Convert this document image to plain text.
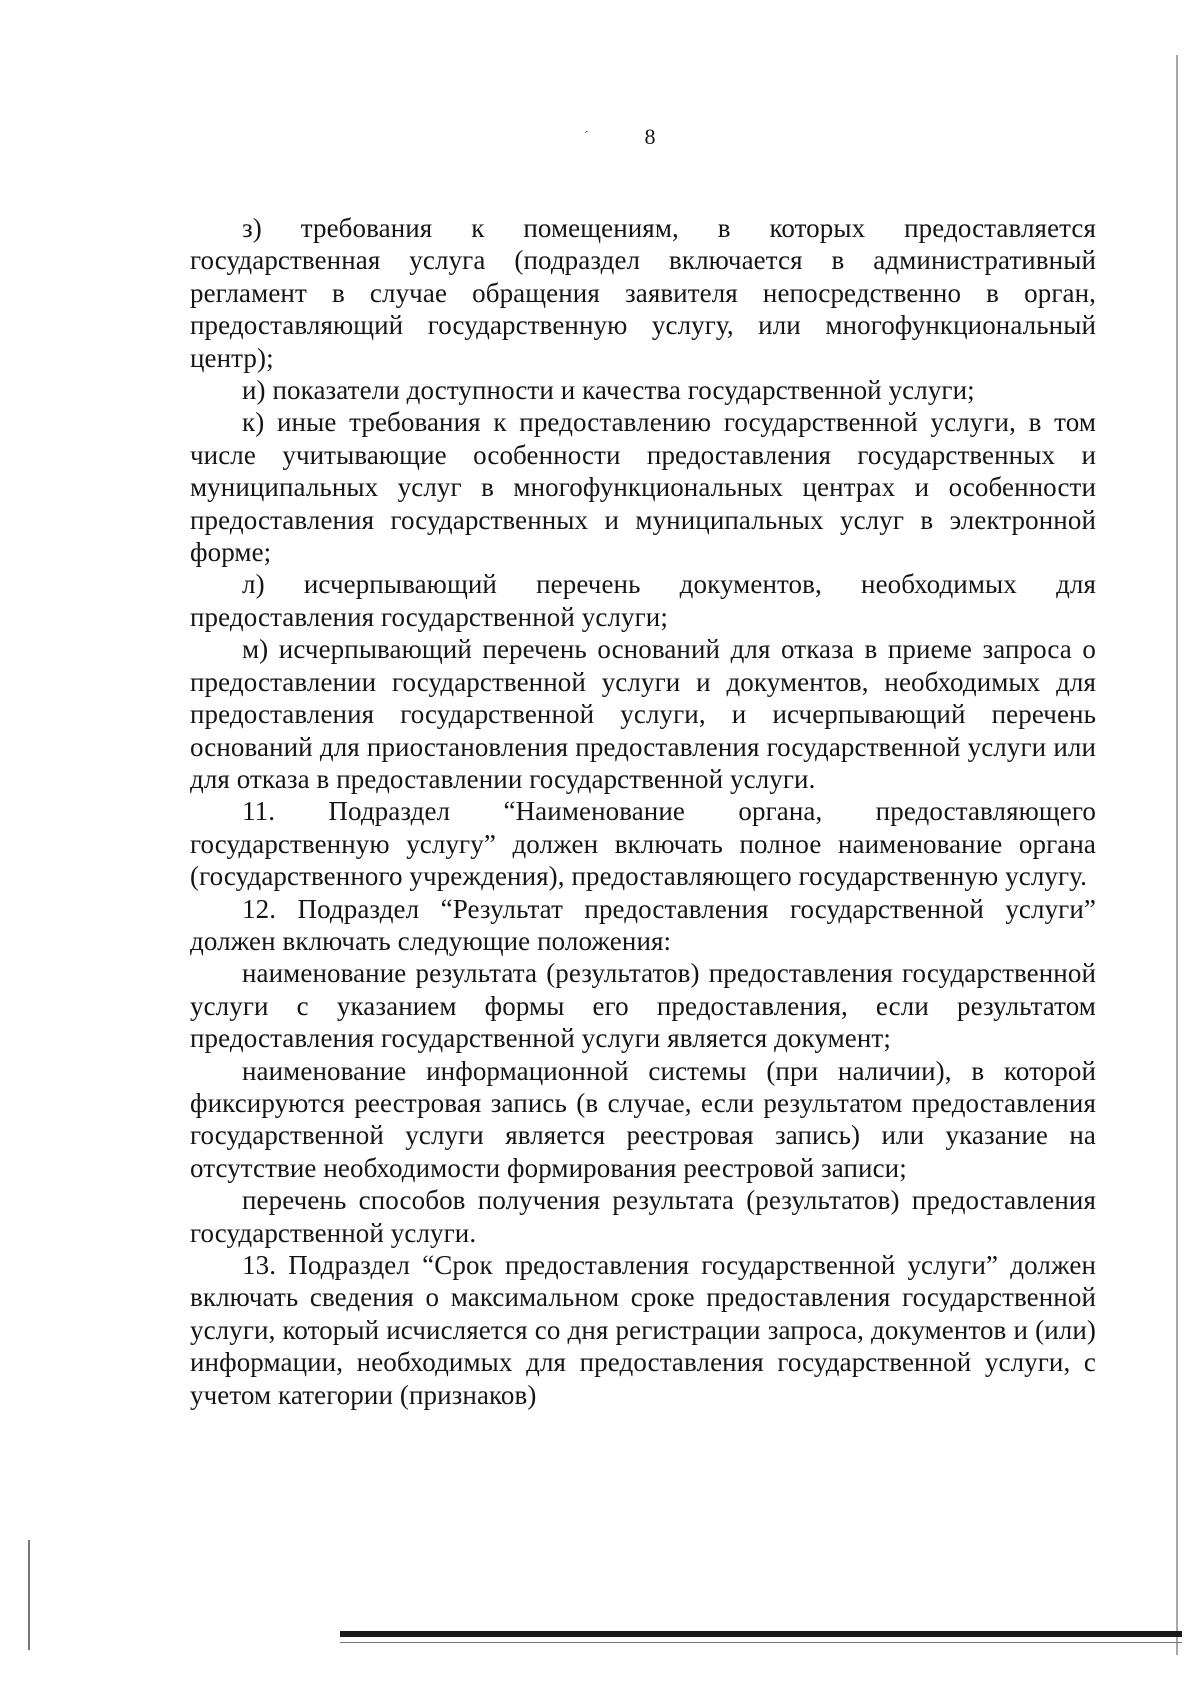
´	8

з) требования к помещениям, в которых предоставляется государственная услуга (подраздел включается в административный регламент в случае обращения заявителя непосредственно в орган, предоставляющий государственную услугу, или многофункциональный центр);

и) показатели доступности и качества государственной услуги;

к) иные требования к предоставлению государственной услуги, в том числе учитывающие особенности предоставления государственных и муниципальных услуг в многофункциональных центрах и особенности предоставления государственных и муниципальных услуг в электронной форме;

л) исчерпывающий перечень документов, необходимых для предоставления государственной услуги;

м) исчерпывающий перечень оснований для отказа в приеме запроса о предоставлении государственной услуги и документов, необходимых для предоставления государственной услуги, и исчерпывающий перечень оснований для приостановления предоставления государственной услуги или для отказа в предоставлении государственной услуги.

11. Подраздел “Наименование органа, предоставляющего государственную услугу” должен включать полное наименование органа (государственного учреждения), предоставляющего государственную услугу.

12. Подраздел “Результат предоставления государственной услуги” должен включать следующие положения:

наименование результата (результатов) предоставления государственной услуги с указанием формы его предоставления, если результатом предоставления государственной услуги является документ;

наименование информационной системы (при наличии), в которой фиксируются реестровая запись (в случае, если результатом предоставления государственной услуги является реестровая запись) или указание на отсутствие необходимости формирования реестровой записи;

перечень способов получения результата (результатов) предоставления государственной услуги.

13. Подраздел “Срок предоставления государственной услуги” должен включать сведения о максимальном сроке предоставления государственной услуги, который исчисляется со дня регистрации запроса, документов и (или) информации, необходимых для предоставления государственной услуги, с учетом категории (признаков)
